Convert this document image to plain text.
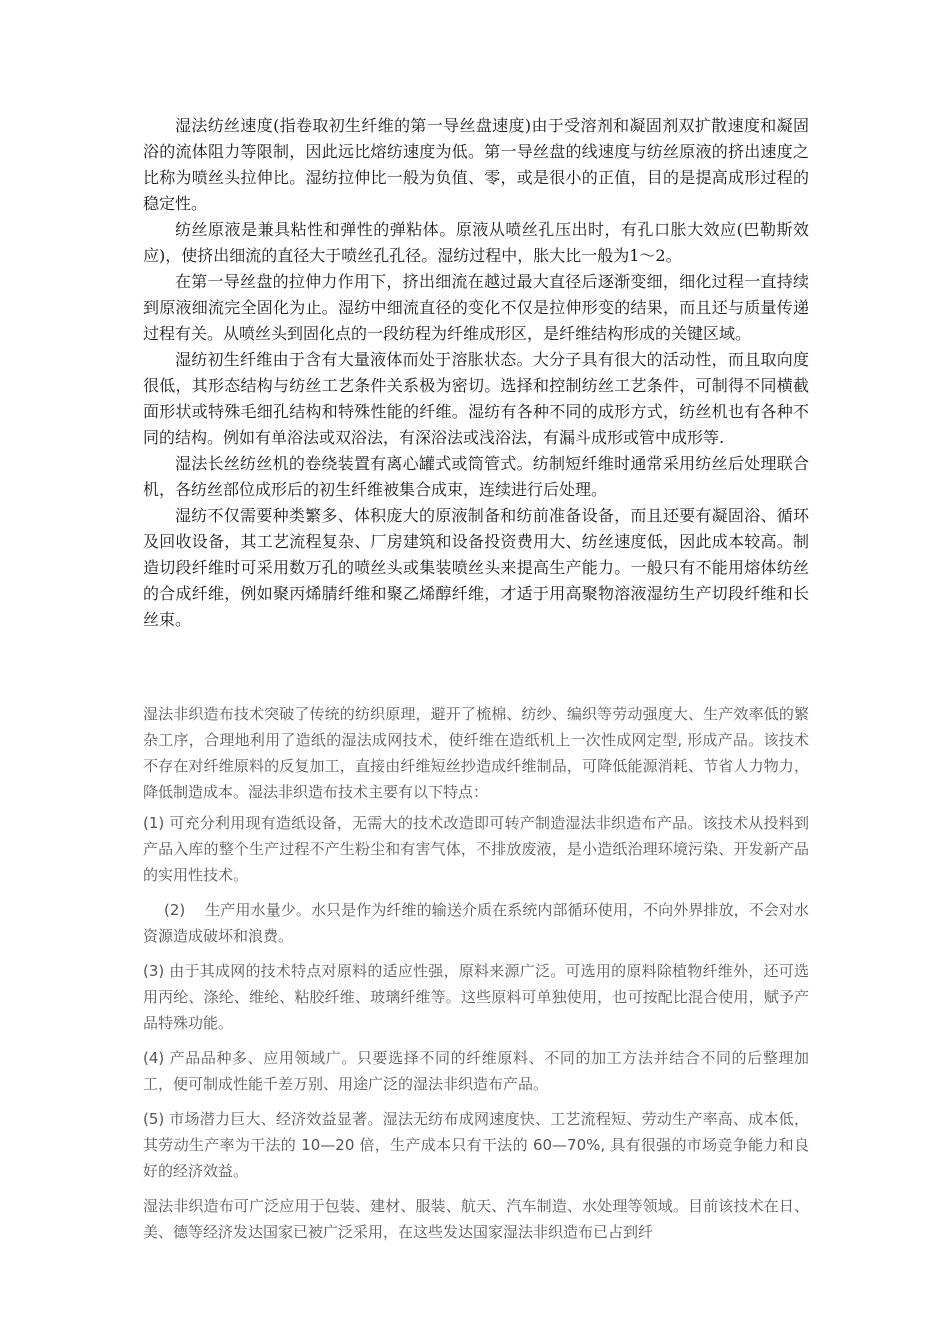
湿法纺丝速度(指卷取初生纤维的第一导丝盘速度)由于受溶剂和凝固剂双扩散速度和凝固浴的流体阻力等限制，因此远比熔纺速度为低。第一导丝盘的线速度与纺丝原液的挤出速度之比称为喷丝头拉伸比。湿纺拉伸比一般为负值、零，或是很小的正值，目的是提高成形过程的稳定性。

纺丝原液是兼具粘性和弹性的弹粘体。原液从喷丝孔压出时，有孔口胀大效应(巴勒斯效应)，使挤出细流的直径大于喷丝孔孔径。湿纺过程中，胀大比一般为1～2。

在第一导丝盘的拉伸力作用下，挤出细流在越过最大直径后逐渐变细，细化过程一直持续到原液细流完全固化为止。湿纺中细流直径的变化不仅是拉伸形变的结果，而且还与质量传递过程有关。从喷丝头到固化点的一段纺程为纤维成形区，是纤维结构形成的关键区域。

湿纺初生纤维由于含有大量液体而处于溶胀状态。大分子具有很大的活动性，而且取向度很低，其形态结构与纺丝工艺条件关系极为密切。选择和控制纺丝工艺条件，可制得不同横截面形状或特殊毛细孔结构和特殊性能的纤维。湿纺有各种不同的成形方式，纺丝机也有各种不同的结构。例如有单浴法或双浴法，有深浴法或浅浴法，有漏斗成形或管中成形等.

湿法长丝纺丝机的卷绕装置有离心罐式或筒管式。纺制短纤维时通常采用纺丝后处理联合机，各纺丝部位成形后的初生纤维被集合成束，连续进行后处理。

湿纺不仅需要种类繁多、体积庞大的原液制备和纺前准备设备，而且还要有凝固浴、循环及回收设备，其工艺流程复杂、厂房建筑和设备投资费用大、纺丝速度低，因此成本较高。制造切段纤维时可采用数万孔的喷丝头或集装喷丝头来提高生产能力。一般只有不能用熔体纺丝的合成纤维，例如聚丙烯腈纤维和聚乙烯醇纤维，才适于用高聚物溶液湿纺生产切段纤维和长丝束。

湿法非织造布技术突破了传统的纺织原理，避开了梳棉、纺纱、编织等劳动强度大、生产效率低的繁杂工序，合理地利用了造纸的湿法成网技术，使纤维在造纸机上一次性成网定型, 形成产品。该技术不存在对纤维原料的反复加工，直接由纤维短丝抄造成纤维制品，可降低能源消耗、节省人力物力，降低制造成本。湿法非织造布技术主要有以下特点：

(1) 可充分利用现有造纸设备，无需大的技术改造即可转产制造湿法非织造布产品。该技术从投料到产品入库的整个生产过程不产生粉尘和有害气体，不排放废液，是小造纸治理环境污染、开发新产品的实用性技术。

(2)　 生产用水量少。水只是作为纤维的输送介质在系统内部循环使用，不向外界排放，不会对水资源造成破坏和浪费。

(3) 由于其成网的技术特点对原料的适应性强，原料来源广泛。可选用的原料除植物纤维外，还可选用丙纶、涤纶、维纶、粘胶纤维、玻璃纤维等。这些原料可单独使用，也可按配比混合使用，赋予产品特殊功能。

(4) 产品品种多、应用领域广。只要选择不同的纤维原料、不同的加工方法并结合不同的后整理加工，便可制成性能千差万别、用途广泛的湿法非织造布产品。

(5) 市场潜力巨大、经济效益显著。湿法无纺布成网速度快、工艺流程短、劳动生产率高、成本低，其劳动生产率为干法的 10—20 倍，生产成本只有干法的 60—70%, 具有很强的市场竞争能力和良好的经济效益。

湿法非织造布可广泛应用于包装、建材、服装、航天、汽车制造、水处理等领域。目前该技术在日、美、德等经济发达国家已被广泛采用，在这些发达国家湿法非织造布已占到纤
